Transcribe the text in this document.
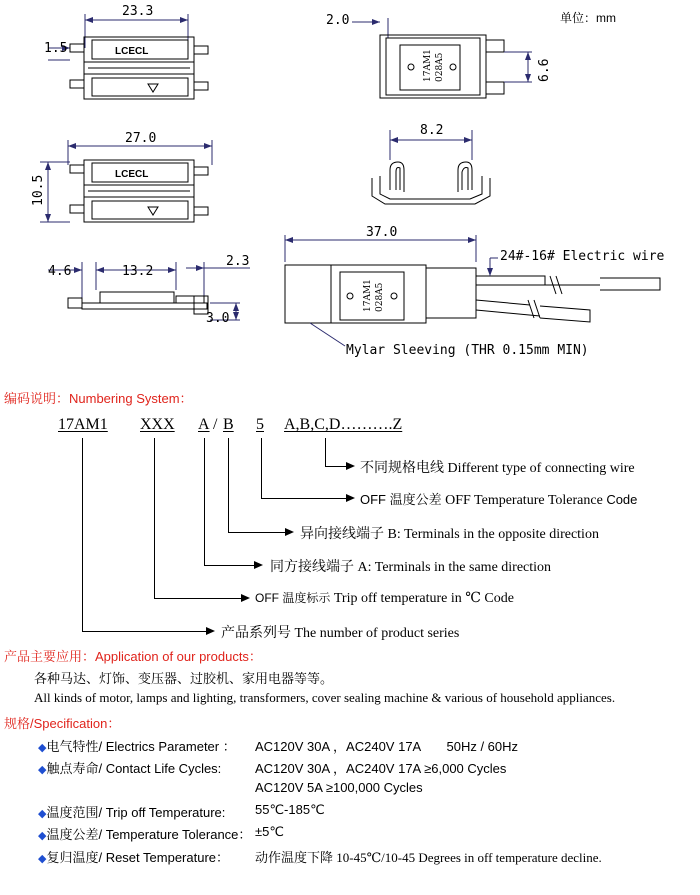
单位：mm
23.3
1.5	LCECL
2.0
6.6
17AM1 028A5
27.0
10.5
LCECL
8.2
4.6	13.2
2.3
3.0
37.0
24#-16# Electric wire
Mylar Sleeving (THR 0.15mm MIN)
17AM1 028A5
编码说明：Numbering System：
17AM1 XXX A / B 5 A,B,C,D……….Z
不同规格电线 Different type of connecting wire
OFF 温度公差 OFF Temperature Tolerance Code
异向接线端子 B: Terminals in the opposite direction
同方接线端子 A: Terminals in the same direction
OFF 温度标示 Trip off temperature in ℃ Code
产品系列号 The number of product series
产品主要应用：Application of our products：
各种马达、灯饰、变压器、过胶机、家用电器等等。
All kinds of motor, lamps and lighting, transformers, cover sealing machine & various of household appliances.
规格/Specification：
◆电气特性/ Electrics Parameter ： AC120V 30A ，AC240V 17A　　50Hz / 60Hz
◆触点寿命/ Contact Life Cycles:	AC120V 30A ，AC240V 17A ≥6,000 Cycles
AC120V 5A ≥100,000 Cycles
◆温度范围/ Trip off Temperature: 55℃-185℃
◆温度公差/ Temperature Tolerance： ±5℃
◆复归温度/ Reset Temperature： 动作温度下降 10-45℃/10-45 Degrees in off temperature decline.
